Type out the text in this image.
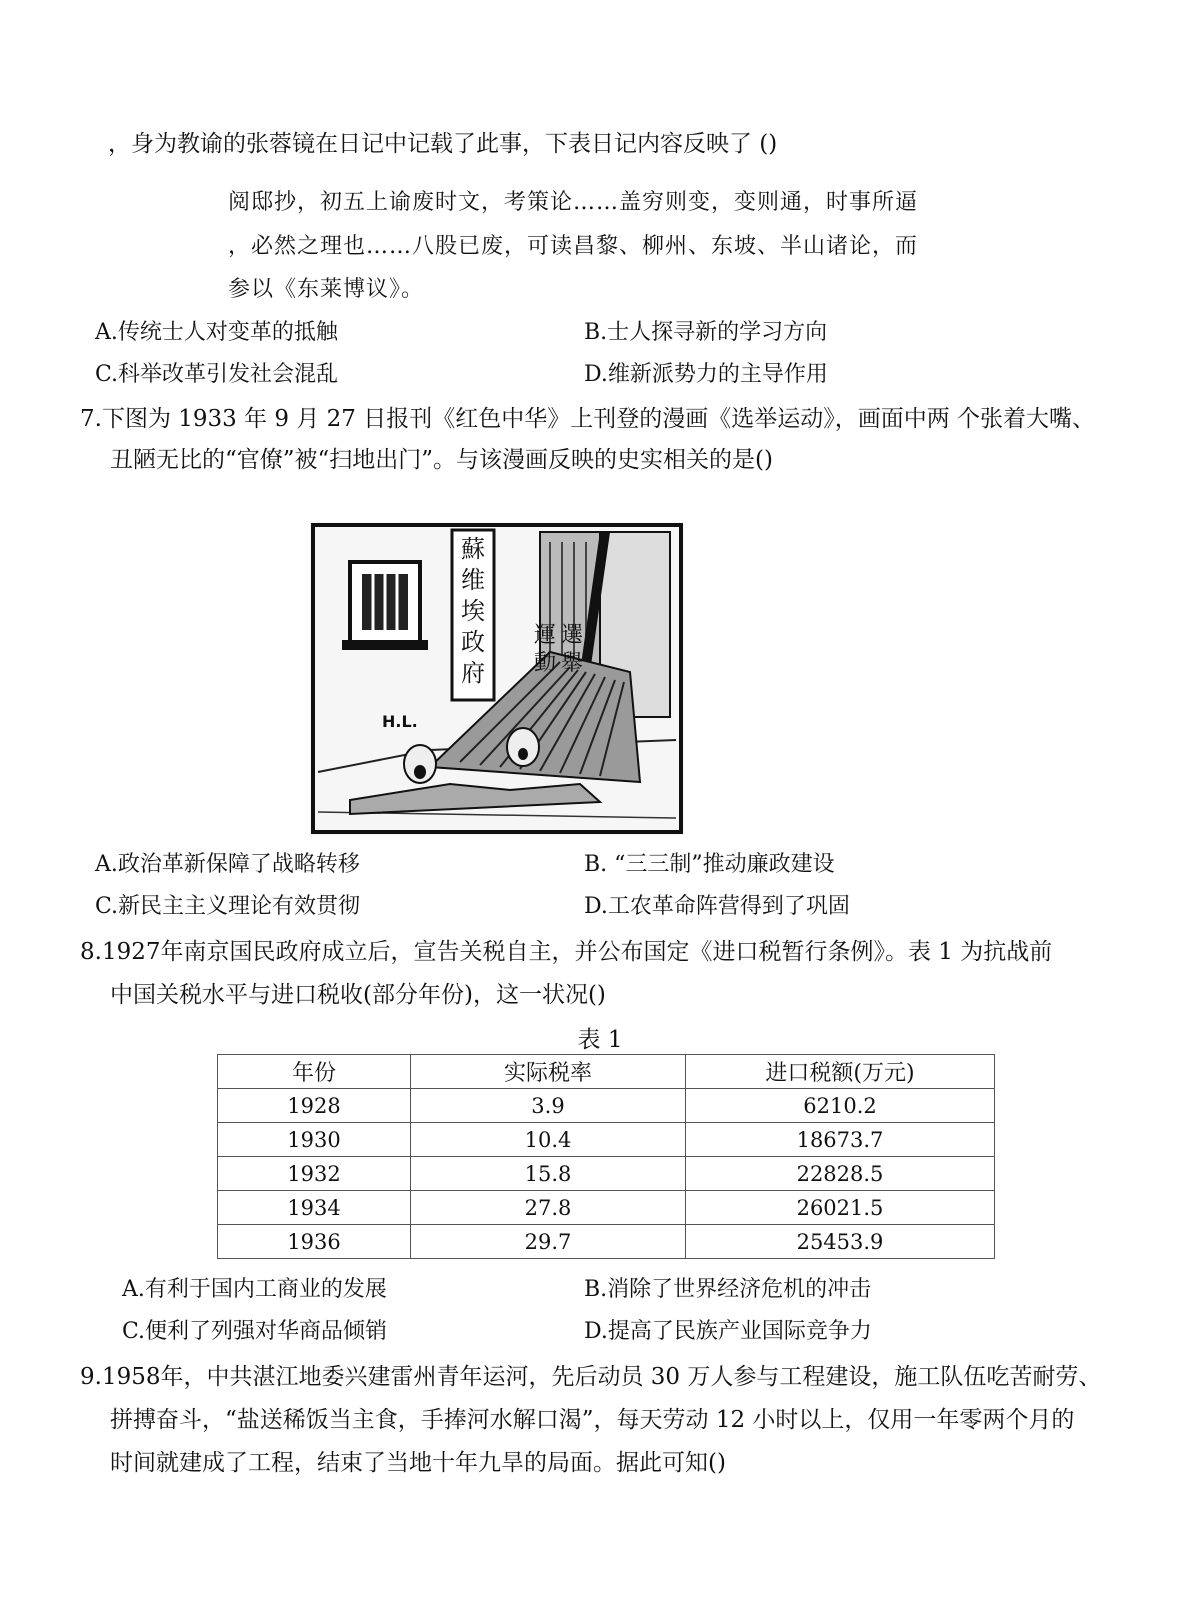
，身为教谕的张蓉镜在日记中记载了此事，下表日记内容反映了 ()
阅邸抄，初五上谕废时文，考策论……盖穷则变，变则通，时事所逼
，必然之理也……八股已废，可读昌黎、柳州、东坡、半山诸论，而
参以《东莱博议》。
A.传统士人对变革的抵触	B.士人探寻新的学习方向
C.科举改革引发社会混乱	D.维新派势力的主导作用
7.下图为 1933 年 9 月 27 日报刊《红色中华》上刊登的漫画《选举运动》，画面中两 个张着大嘴、
丑陋无比的“官僚”被“扫地出门”。与该漫画反映的史实相关的是()
蘇
维
埃
政
府
選
舉
運
動
H.L.
A.政治革新保障了战略转移	B. “三三制”推动廉政建设
C.新民主主义理论有效贯彻	D.工农革命阵营得到了巩固
8.1927年南京国民政府成立后，宣告关税自主，并公布国定《进口税暂行条例》。表 1 为抗战前
中国关税水平与进口税收(部分年份)，这一状况()
表 1
年份	实际税率	进口税额(万元)
1928	3.9	6210.2
1930	10.4	18673.7
1932	15.8	22828.5
1934	27.8	26021.5
1936	29.7	25453.9
A.有利于国内工商业的发展	B.消除了世界经济危机的冲击
C.便利了列强对华商品倾销	D.提高了民族产业国际竞争力
9.1958年，中共湛江地委兴建雷州青年运河，先后动员 30 万人参与工程建设，施工队伍吃苦耐劳、
拼搏奋斗，“盐送稀饭当主食，手捧河水解口渴”，每天劳动 12 小时以上，仅用一年零两个月的
时间就建成了工程，结束了当地十年九旱的局面。据此可知()
